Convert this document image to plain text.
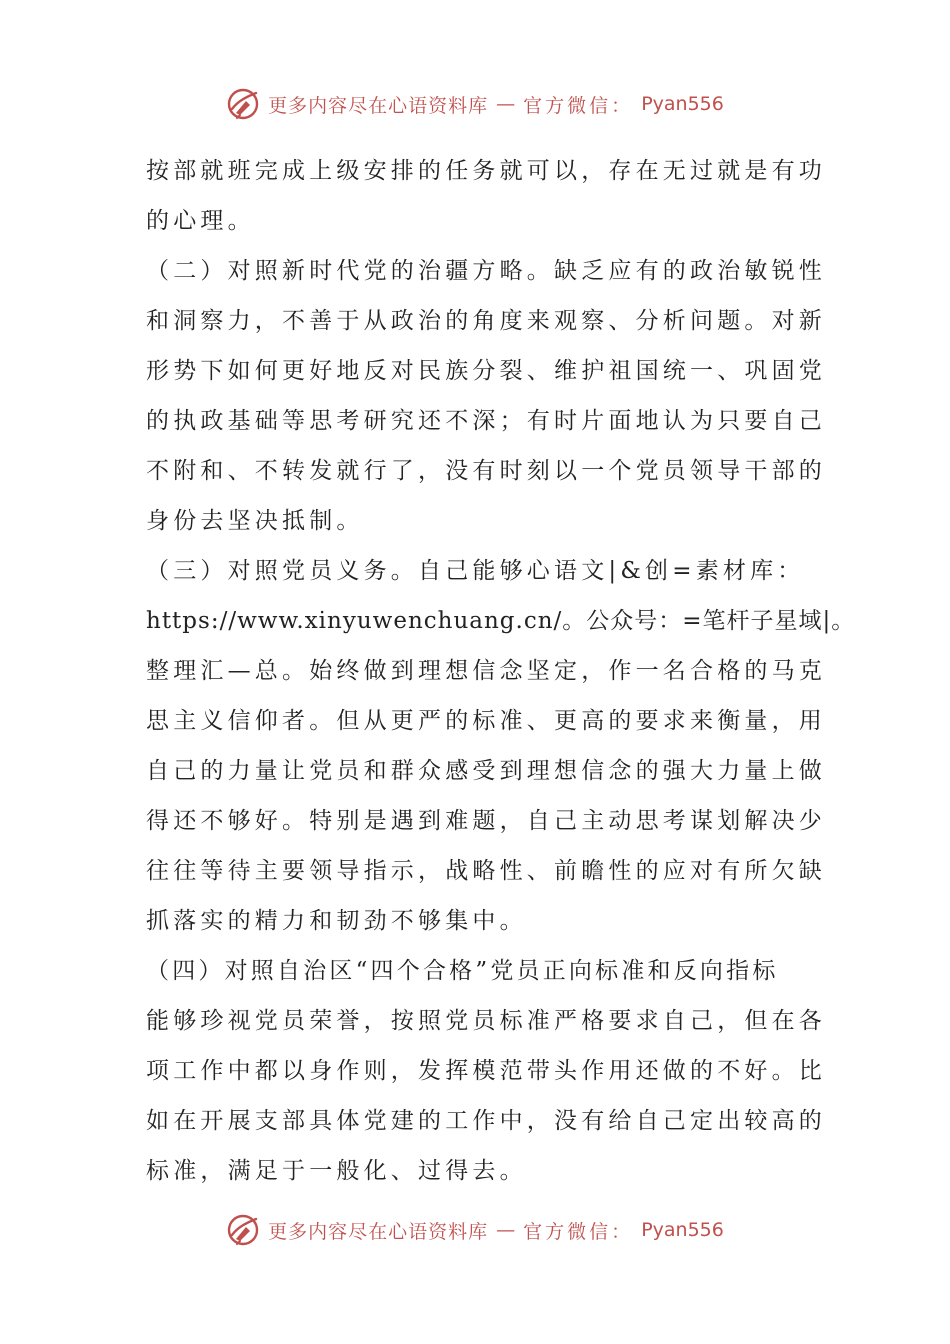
更多内容尽在心语资料库 — 官方微信： Pyan556
按部就班完成上级安排的任务就可以，存在无过就是有功
的心理。
（二）对照新时代党的治疆方略。缺乏应有的政治敏锐性
和洞察力，不善于从政治的角度来观察、分析问题。对新
形势下如何更好地反对民族分裂、维护祖国统一、巩固党
的执政基础等思考研究还不深；有时片面地认为只要自己
不附和、不转发就行了，没有时刻以一个党员领导干部的
身份去坚决抵制。
（三）对照党员义务。自己能够心语文|&创=素材库：
https://www.xinyuwenchuang.cn/。公众号：=笔杆子星域|。
整理汇—总。始终做到理想信念坚定，作一名合格的马克
思主义信仰者。但从更严的标准、更高的要求来衡量，用
自己的力量让党员和群众感受到理想信念的强大力量上做
得还不够好。特别是遇到难题，自己主动思考谋划解决少
往往等待主要领导指示，战略性、前瞻性的应对有所欠缺
抓落实的精力和韧劲不够集中。
（四）对照自治区“四个合格”党员正向标准和反向指标
能够珍视党员荣誉，按照党员标准严格要求自己，但在各
项工作中都以身作则，发挥模范带头作用还做的不好。比
如在开展支部具体党建的工作中，没有给自己定出较高的
标准，满足于一般化、过得去。
更多内容尽在心语资料库 — 官方微信： Pyan556
